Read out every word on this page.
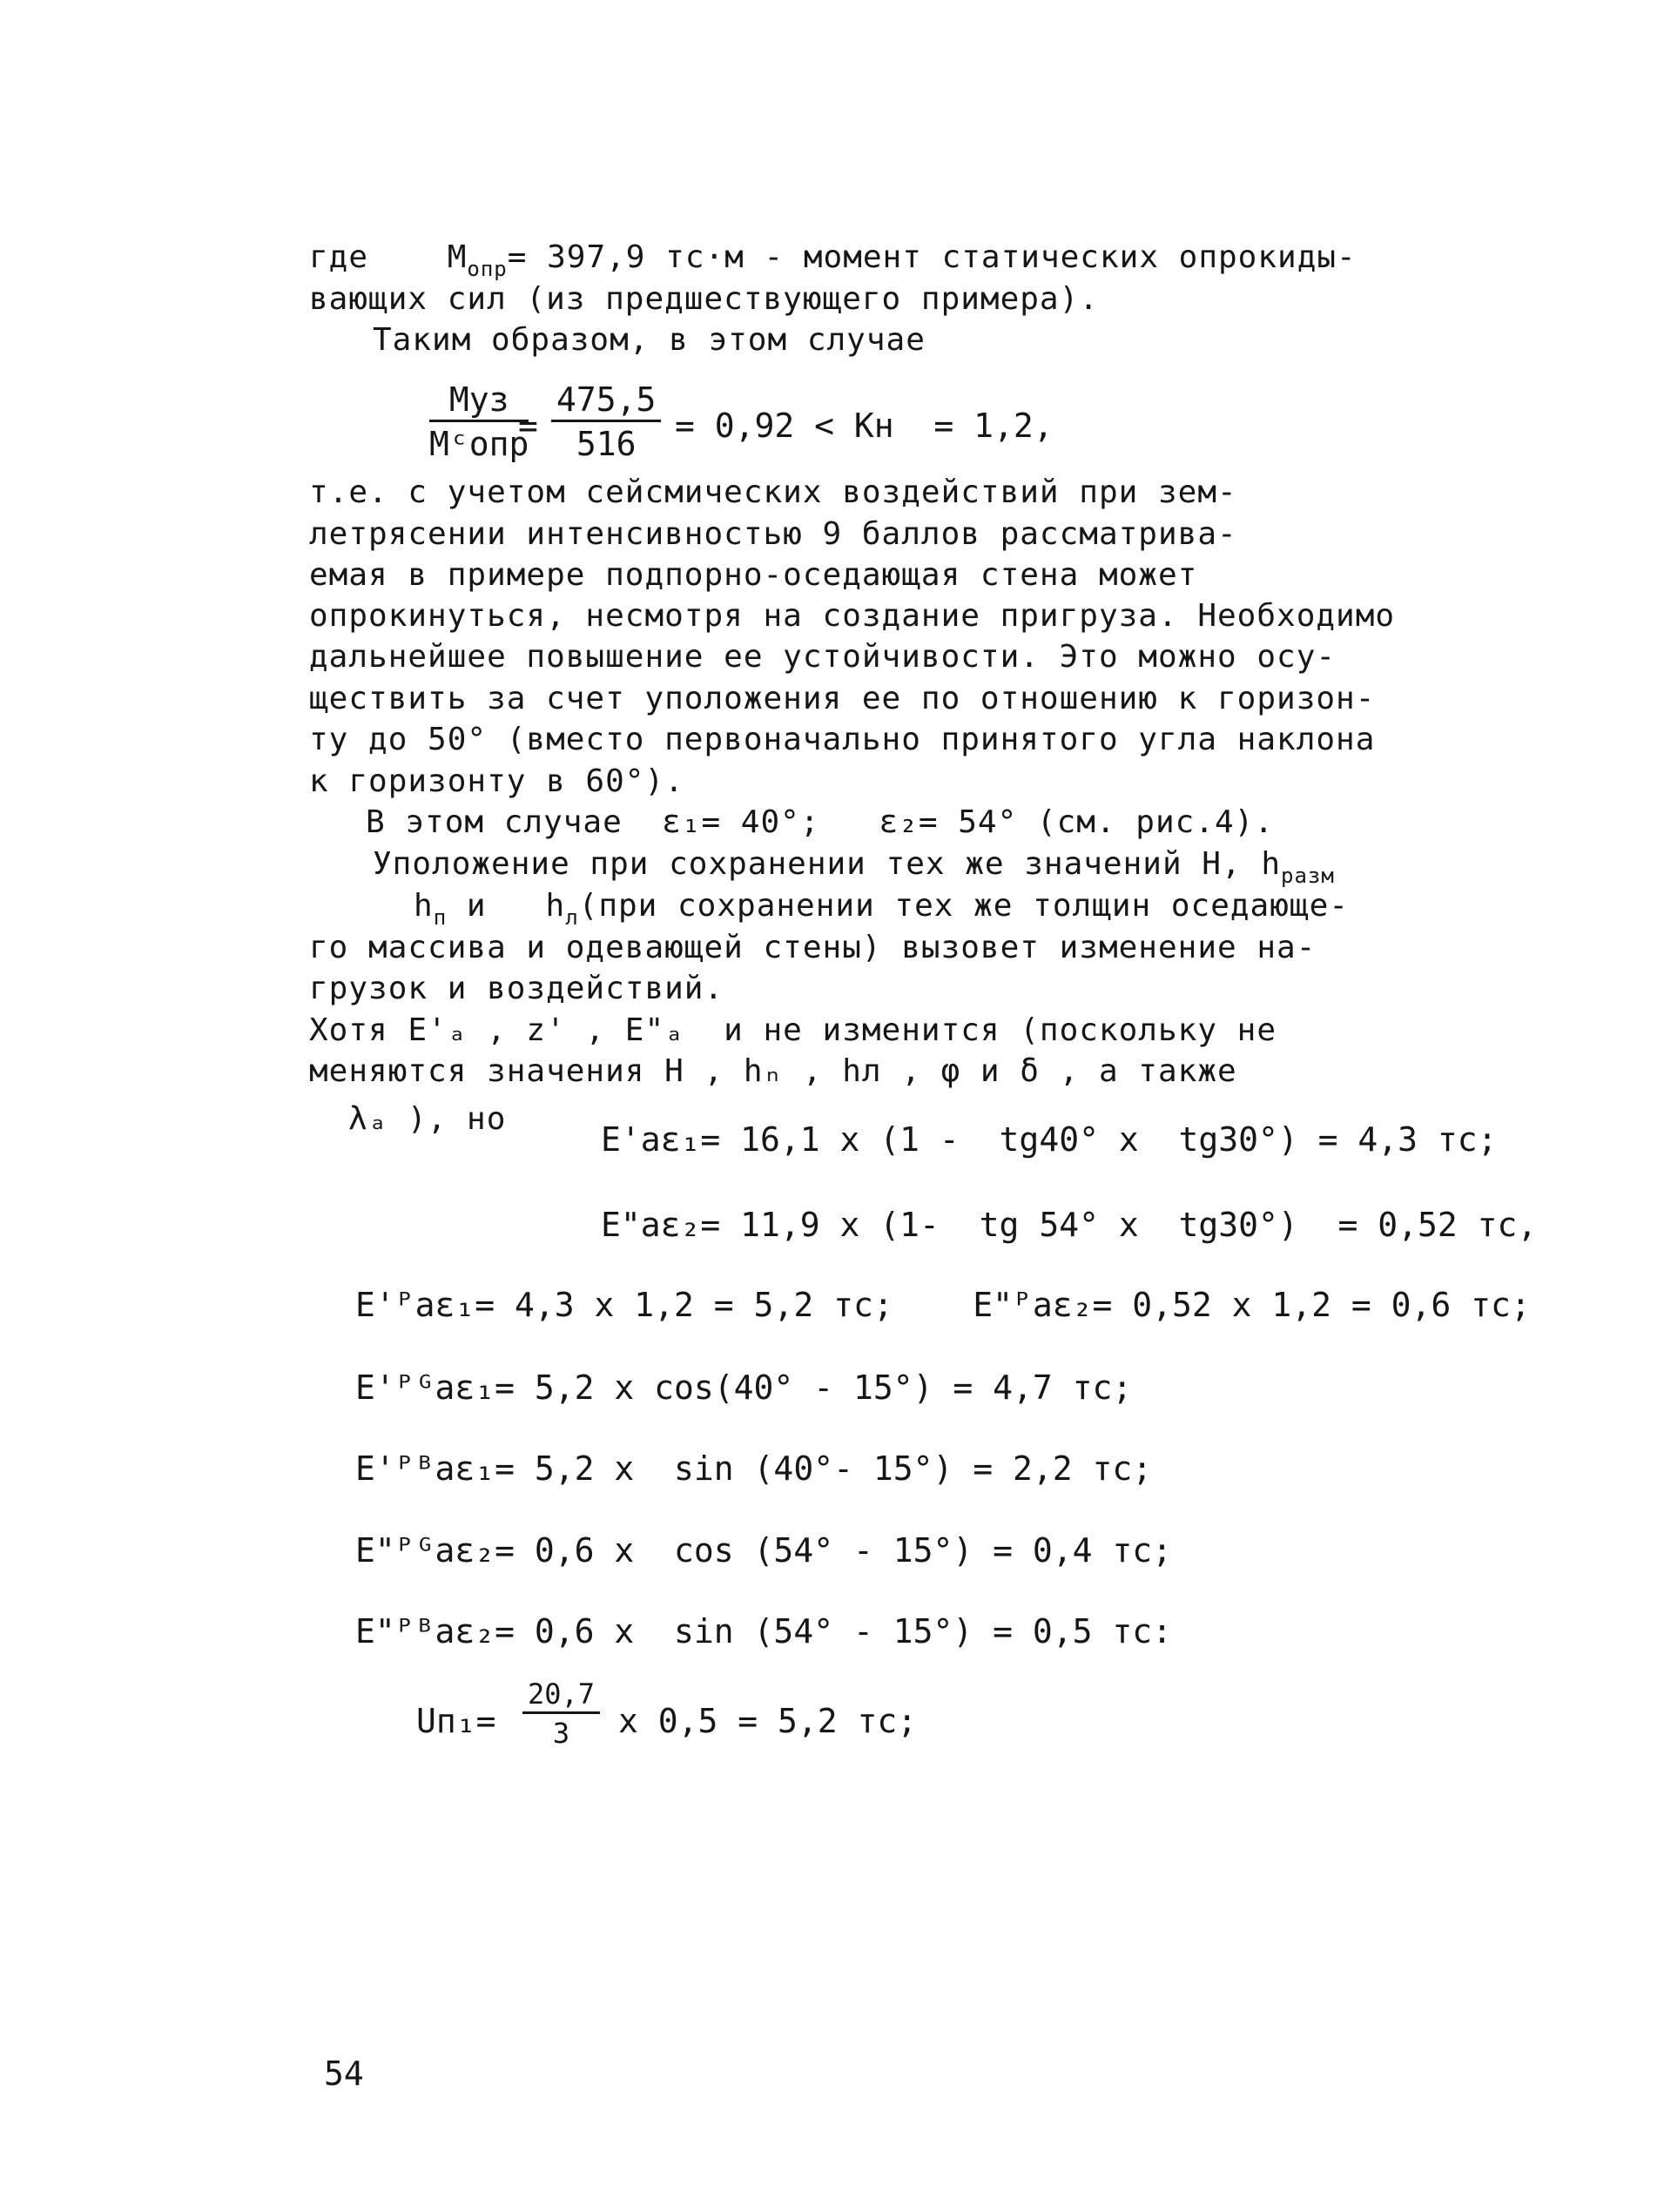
где    $M_{опр}= 397,9$ тс·м - момент статических опрокиды-
вающих сил (из предшествующего примера).
Таким образом, в этом случае
Mуз
Mᶜопр
= $\frac{475,5}{516} = 0,92$ < Kн  = 1,2,
т.е. с учетом сейсмических воздействий при зем-
летрясении интенсивностью 9 баллов рассматрива-
емая в примере подпорно-оседающая стена может
опрокинуться, несмотря на создание пригруза. Необходимо
дальнейшее повышение ее устойчивости. Это можно осу-
ществить за счет уположения ее по отношению к горизон-
ту до 50° (вместо первоначально принятого угла наклона
к горизонту в 60°).
В этом случае  ε₁= 40°;   ε₂= 54° (см. рис.4).
Уположение при сохранении тех же значений H, $h_{разм}$
$h_п$ и   $h_л(при$ сохранении тех же толщин оседающе-
го массива и одевающей стены) вызовет изменение на-
грузок и воздействий.
Хотя E'ₐ , z' , E"ₐ  и не изменится (поскольку не
меняются значения H , hₙ , hл , φ и δ , а также
λₐ ), но
E'aε₁= 16,1 x (1 -  tg40° x  tg30°) = 4,3 тс;
E"aε₂= 11,9 x (1-  tg 54° x  tg30°)  = 0,52 тс,
E'ᴾaε₁= 4,3 x 1,2 = 5,2 тс;    E"ᴾaε₂= 0,52 x 1,2 = 0,6 тс;
E'ᴾᴳaε₁= 5,2 x cos(40° - 15°) = 4,7 тс;
E'ᴾᴮaε₁= 5,2 x  sin (40°- 15°) = 2,2 тс;
E"ᴾᴳaε₂= 0,6 x  cos (54° - 15°) = 0,4 тс;
E"ᴾᴮaε₂= 0,6 x  sin (54° - 15°) = 0,5 тс:
$Uп_1= \frac{20,7}{3}$ x 0,5 = 5,2 тс;
54
